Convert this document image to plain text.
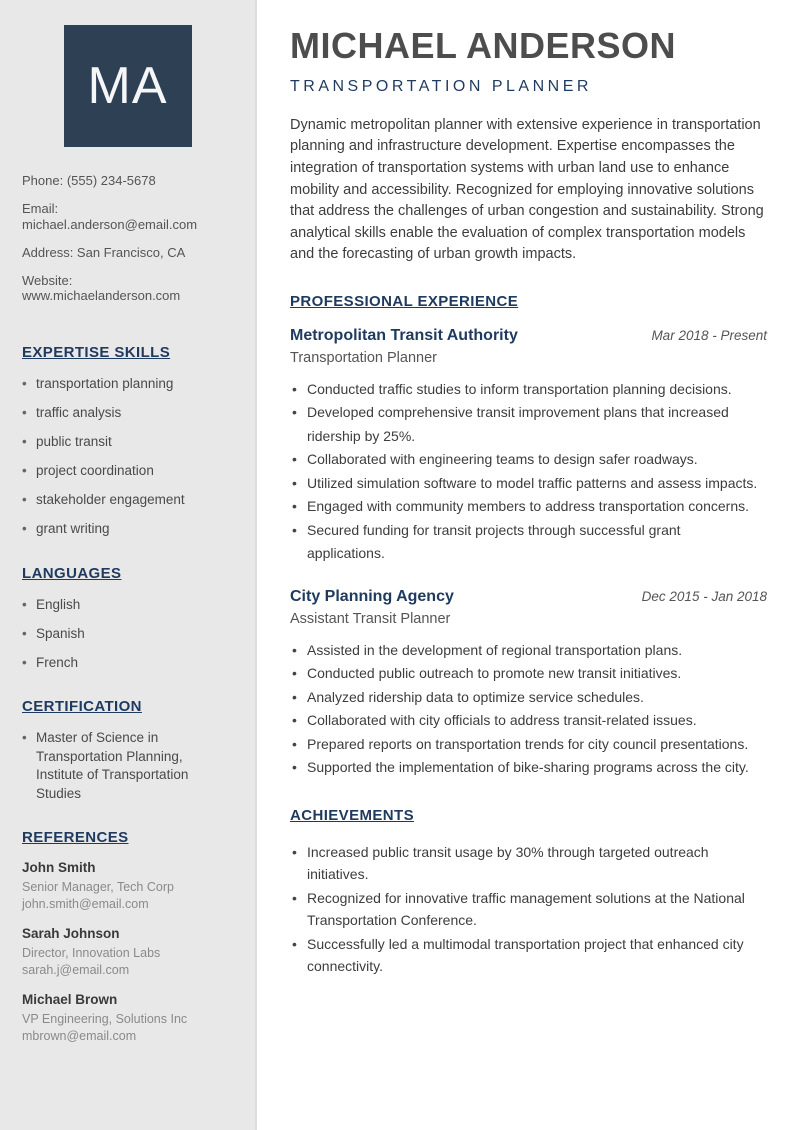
MA
Phone: (555) 234-5678
Email: michael.anderson@email.com
Address: San Francisco, CA
Website: www.michaelanderson.com
EXPERTISE SKILLS
• transportation planning
• traffic analysis
• public transit
• project coordination
• stakeholder engagement
• grant writing
LANGUAGES
• English
• Spanish
• French
CERTIFICATION
• Master of Science in Transportation Planning, Institute of Transportation Studies
REFERENCES
John Smith
Senior Manager, Tech Corp
john.smith@email.com
Sarah Johnson
Director, Innovation Labs
sarah.j@email.com
Michael Brown
VP Engineering, Solutions Inc
mbrown@email.com
MICHAEL ANDERSON
TRANSPORTATION PLANNER

Dynamic metropolitan planner with extensive experience in transportation planning and infrastructure development. Expertise encompasses the integration of transportation systems with urban land use to enhance mobility and accessibility. Recognized for employing innovative solutions that address the challenges of urban congestion and sustainability. Strong analytical skills enable the evaluation of complex transportation models and the forecasting of urban growth impacts.

PROFESSIONAL EXPERIENCE
Metropolitan Transit Authority	Mar 2018 - Present
Transportation Planner
• Conducted traffic studies to inform transportation planning decisions.
• Developed comprehensive transit improvement plans that increased ridership by 25%.
• Collaborated with engineering teams to design safer roadways.
• Utilized simulation software to model traffic patterns and assess impacts.
• Engaged with community members to address transportation concerns.
• Secured funding for transit projects through successful grant applications.
City Planning Agency	Dec 2015 - Jan 2018
Assistant Transit Planner
• Assisted in the development of regional transportation plans.
• Conducted public outreach to promote new transit initiatives.
• Analyzed ridership data to optimize service schedules.
• Collaborated with city officials to address transit-related issues.
• Prepared reports on transportation trends for city council presentations.
• Supported the implementation of bike-sharing programs across the city.
ACHIEVEMENTS
• Increased public transit usage by 30% through targeted outreach initiatives.
• Recognized for innovative traffic management solutions at the National Transportation Conference.
• Successfully led a multimodal transportation project that enhanced city connectivity.
